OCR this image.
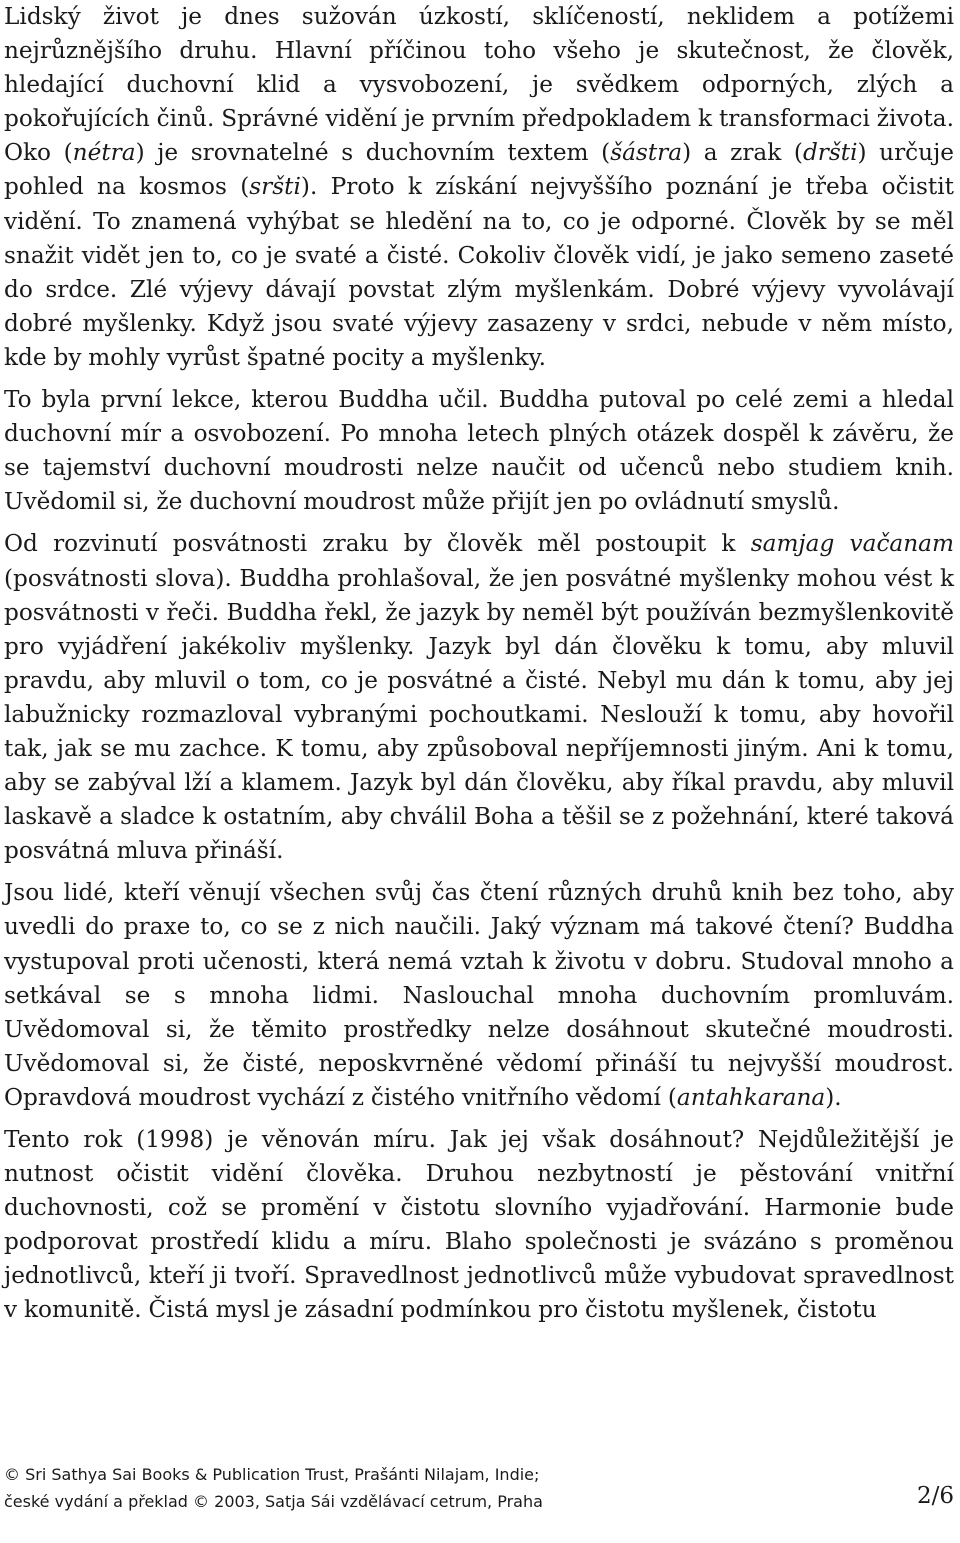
Lidský život je dnes sužován úzkostí, sklíčeností, neklidem a potížemi nejrůznějšího druhu. Hlavní příčinou toho všeho je skutečnost, že člověk, hledající duchovní klid a vysvobození, je svědkem odporných, zlých a pokořujících činů. Správné vidění je prvním předpokladem k transformaci života. Oko (nétra) je srovnatelné s duchovním textem (šástra) a zrak (dršti) určuje pohled na kosmos (sršti). Proto k získání nejvyššího poznání je třeba očistit vidění. To znamená vyhýbat se hledění na to, co je odporné. Člověk by se měl snažit vidět jen to, co je svaté a čisté. Cokoliv člověk vidí, je jako semeno zaseté do srdce. Zlé výjevy dávají povstat zlým myšlenkám. Dobré výjevy vyvolávají dobré myšlenky. Když jsou svaté výjevy zasazeny v srdci, nebude v něm místo, kde by mohly vyrůst špatné pocity a myšlenky.

To byla první lekce, kterou Buddha učil. Buddha putoval po celé zemi a hledal duchovní mír a osvobození. Po mnoha letech plných otázek dospěl k závěru, že se tajemství duchovní moudrosti nelze naučit od učenců nebo studiem knih. Uvědomil si, že duchovní moudrost může přijít jen po ovládnutí smyslů.

Od rozvinutí posvátnosti zraku by člověk měl postoupit k samjag vačanam (posvátnosti slova). Buddha prohlašoval, že jen posvátné myšlenky mohou vést k posvátnosti v řeči. Buddha řekl, že jazyk by neměl být používán bezmyšlenkovitě pro vyjádření jakékoliv myšlenky. Jazyk byl dán člověku k tomu, aby mluvil pravdu, aby mluvil o tom, co je posvátné a čisté. Nebyl mu dán k tomu, aby jej labužnicky rozmazloval vybranými pochoutkami. Neslouží k tomu, aby hovořil tak, jak se mu zachce. K tomu, aby způsoboval nepříjemnosti jiným. Ani k tomu, aby se zabýval lží a klamem. Jazyk byl dán člověku, aby říkal pravdu, aby mluvil laskavě a sladce k ostatním, aby chválil Boha a těšil se z požehnání, které taková posvátná mluva přináší.

Jsou lidé, kteří věnují všechen svůj čas čtení různých druhů knih bez toho, aby uvedli do praxe to, co se z nich naučili. Jaký význam má takové čtení? Buddha vystupoval proti učenosti, která nemá vztah k životu v dobru. Studoval mnoho a setkával se s mnoha lidmi. Naslouchal mnoha duchovním promluvám. Uvědomoval si, že těmito prostředky nelze dosáhnout skutečné moudrosti. Uvědomoval si, že čisté, neposkvrněné vědomí přináší tu nejvyšší moudrost. Opravdová moudrost vychází z čistého vnitřního vědomí (antahkarana).

Tento rok (1998) je věnován míru. Jak jej však dosáhnout? Nejdůležitější je nutnost očistit vidění člověka. Druhou nezbytností je pěstování vnitřní duchovnosti, což se promění v čistotu slovního vyjadřování. Harmonie bude podporovat prostředí klidu a míru. Blaho společnosti je svázáno s proměnou jednotlivců, kteří ji tvoří. Spravedlnost jednotlivců může vybudovat spravedlnost v komunitě. Čistá mysl je zásadní podmínkou pro čistotu myšlenek, čistotu

© Sri Sathya Sai Books & Publication Trust, Prašánti Nilajam, Indie;
české vydání a překlad © 2003, Satja Sái vzdělávací cetrum, Praha	2/6
